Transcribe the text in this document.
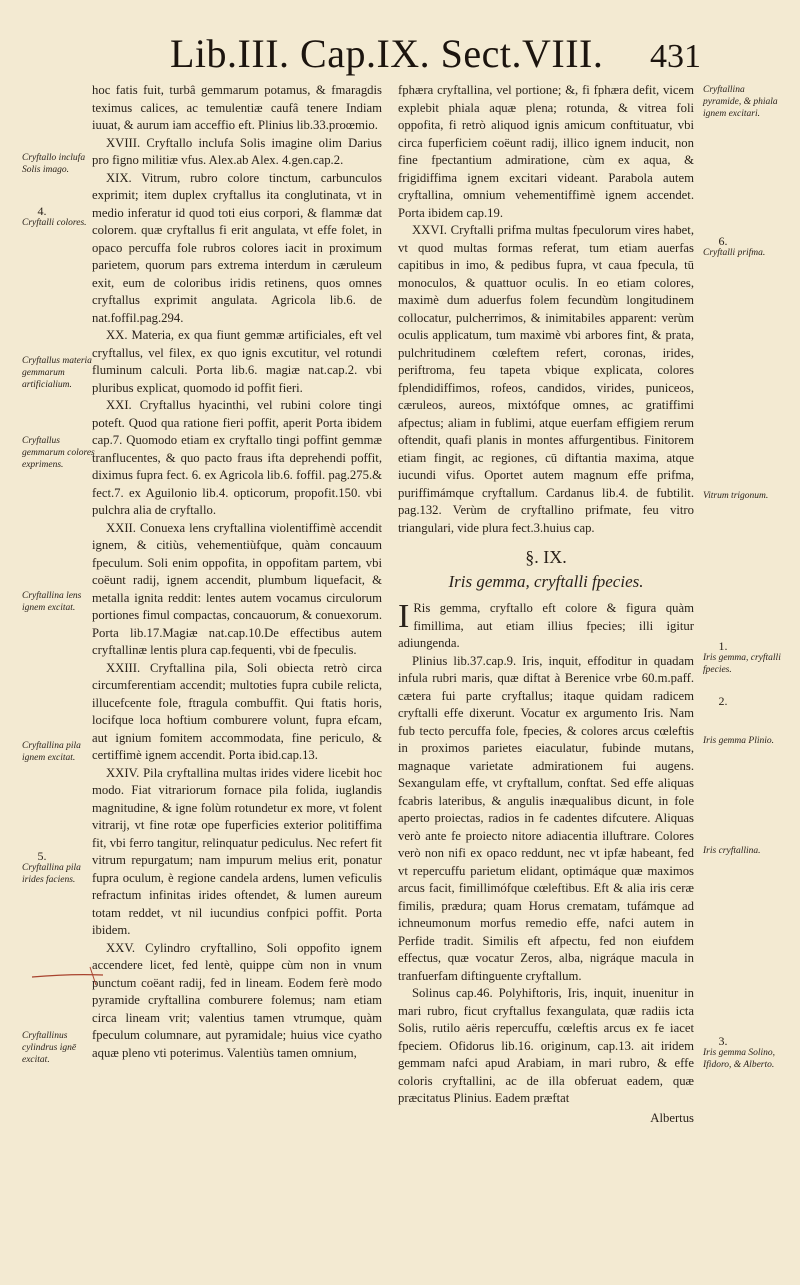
Lib.III. Cap.IX. Sect.VIII. 431
Cryftallo inclufa Solis imago.
4.
Cryftalli colores.
Cryftallus materia gemmarum artificialium.
Cryftallus gemmarum colores exprimens.
Cryftallina lens ignem excitat.
Cryftallina pila ignem excitat.
5.
Cryftallina pila irides faciens.
Cryftallinus cylindrus ignē excitat.
Cryftallina pyramide, & phiala ignem excitari.
6.
Cryftalli prifma.
Vitrum trigonum.
1.
Iris gemma, cryftalli fpecies.
2.
Iris gemma Plinio.
Iris cryftallina.
3.
Iris gemma Solino, Ifidoro, & Alberto.

hoc fatis fuit, turbâ gemmarum potamus, & fmaragdis teximus calices, ac temulentiæ caufâ tenere Indiam iuuat, & aurum iam acceffio eft. Plinius lib.33.proœmio.

XVIII. Cryftallo inclufa Solis imagine olim Darius pro figno militiæ vfus. Alex.ab Alex. 4.gen.cap.2.

XIX. Vitrum, rubro colore tinctum, carbunculos exprimit; item duplex cryftallus ita conglutinata, vt in medio inferatur id quod toti eius corpori, & flammæ dat colorem. quæ cryftallus fi erit angulata, vt effe folet, in opaco percuffa fole rubros colores iacit in proximum parietem, quorum pars extrema interdum in cæruleum exit, eum de coloribus iridis retinens, quos omnes cryftallus exprimit angulata. Agricola lib.6. de nat.foffil.pag.294.

XX. Materia, ex qua fiunt gemmæ artificiales, eft vel cryftallus, vel filex, ex quo ignis excutitur, vel rotundi fluminum calculi. Porta lib.6. magiæ nat.cap.2. vbi pluribus explicat, quomodo id poffit fieri.

XXI. Cryftallus hyacinthi, vel rubini colore tingi poteft. Quod qua ratione fieri poffit, aperit Porta ibidem cap.7. Quomodo etiam ex cryftallo tingi poffint gemmæ tranflucentes, & quo pacto fraus ifta deprehendi poffit, diximus fupra fect. 6. ex Agricola lib.6. foffil. pag.275.& fect.7. ex Aguilonio lib.4. opticorum, propofit.150. vbi pulchra alia de cryftallo.

XXII. Conuexa lens cryftallina violentiffimè accendit ignem, & citiùs, vehementiùfque, quàm concauum fpeculum. Soli enim oppofita, in oppofitam partem, vbi coëunt radij, ignem accendit, plumbum liquefacit, & metalla ignita reddit: lentes autem vocamus circulorum portiones fimul compactas, concauorum, & conuexorum. Porta lib.17.Magiæ nat.cap.10.De effectibus autem cryftallinæ lentis plura cap.fequenti, vbi de fpeculis.

XXIII. Cryftallina pila, Soli obiecta retrò circa circumferentiam accendit; multoties fupra cubile relicta, illucefcente fole, ftragula combuffit. Qui ftatis horis, locifque loca hoftium comburere volunt, fupra efcam, aut ignium fomitem accommodata, fine periculo, & certiffimè ignem accendit. Porta ibid.cap.13.

XXIV. Pila cryftallina multas irides videre licebit hoc modo. Fiat vitrariorum fornace pila folida, iuglandis magnitudine, & igne folùm rotundetur ex more, vt folent vitrarij, vt fine rotæ ope fuperficies exterior politiffima fit, vbi ferro tangitur, relinquatur pediculus. Nec refert fit vitrum repurgatum; nam impurum melius erit, ponatur fupra oculum, è regione candela ardens, lumen veficulis refractum infinitas irides oftendet, & lumen aureum totam reddet, vt nil iucundius confpici poffit. Porta ibidem.

XXV. Cylindro cryftallino, Soli oppofito ignem accendere licet, fed lentè, quippe cùm non in vnum punctum coëant radij, fed in lineam. Eodem ferè modo pyramide cryftallina comburere folemus; nam etiam circa lineam vrit; valentius tamen vtrumque, quàm fpeculum columnare, aut pyramidale; huius vice cyatho aquæ pleno vti poterimus. Valentiùs tamen omnium,

fphæra cryftallina, vel portione; &, fi fphæra defit, vicem explebit phiala aquæ plena; rotunda, & vitrea foli oppofita, fi retrò aliquod ignis amicum conftituatur, vbi circa fuperficiem coëunt radij, illico ignem inducit, non fine fpectantium admiratione, cùm ex aqua, & frigidiffima ignem excitari videant. Parabola autem cryftallina, omnium vehementiffimè ignem accendet. Porta ibidem cap.19.

XXVI. Cryftalli prifma multas fpeculorum vires habet, vt quod multas formas referat, tum etiam auerfas capitibus in imo, & pedibus fupra, vt caua fpecula, tū monoculos, & quattuor oculis. In eo etiam colores, maximè dum aduerfus folem fecundùm longitudinem collocatur, pulcherrimos, & inimitabiles apparent: verùm oculis applicatum, tum maximè vbi arbores fint, & prata, pulchritudinem cœleftem refert, coronas, irides, periftroma, feu tapeta vbique explicata, colores fplendidiffimos, rofeos, candidos, virides, puniceos, cæruleos, aureos, mixtófque omnes, ac gratiffimi afpectus; aliam in fublimi, atque euerfam effigiem rerum oftendit, quafi planis in montes affurgentibus. Finitorem etiam fingit, ac regiones, cū diftantia maxima, atque iucundi vifus. Oportet autem magnum effe prifma, puriffimámque cryftallum. Cardanus lib.4. de fubtilit. pag.132. Verùm de cryftallino prifmate, feu vitro triangulari, vide plura fect.3.huius cap.

§. IX.
Iris gemma, cryftalli fpecies.

I Ris gemma, cryftallo eft colore & figura quàm fimillima, aut etiam illius fpecies; illi igitur adiungenda.

Plinius lib.37.cap.9. Iris, inquit, effoditur in quadam infula rubri maris, quæ diftat à Berenice vrbe 60.m.paff. cætera fui parte cryftallus; itaque quidam radicem cryftalli effe dixerunt. Vocatur ex argumento Iris. Nam fub tecto percuffa fole, fpecies, & colores arcus cœleftis in proximos parietes eiaculatur, fubinde mutans, magnaque varietate admirationem fui augens. Sexangulam effe, vt cryftallum, conftat. Sed effe aliquas fcabris lateribus, & angulis inæqualibus dicunt, in fole aperto proiectas, radios in fe cadentes difcutere. Aliquas verò ante fe proiecto nitore adiacentia illuftrare. Colores verò non nifi ex opaco reddunt, nec vt ipfæ habeant, fed vt repercuffu parietum elidant, optimáque quæ maximos arcus facit, fimillimófque cœleftibus. Eft & alia iris ceræ fimilis, prædura; quam Horus crematam, tufámque ad ichneumonum morfus remedio effe, nafci autem in Perfide tradit. Similis eft afpectu, fed non eiufdem effectus, quæ vocatur Zeros, alba, nigráque macula in tranfuerfam diftinguente cryftallum.

Solinus cap.46. Polyhiftoris, Iris, inquit, inuenitur in mari rubro, ficut cryftallus fexangulata, quæ radiis icta Solis, rutilo aëris repercuffu, cœleftis arcus ex fe iacet fpeciem. Ofidorus lib.16. originum, cap.13. ait iridem gemmam nafci apud Arabiam, in mari rubro, & effe coloris cryftallini, ac de illa obferuat eadem, quæ præcitatus Plinius. Eadem præftat

Albertus
